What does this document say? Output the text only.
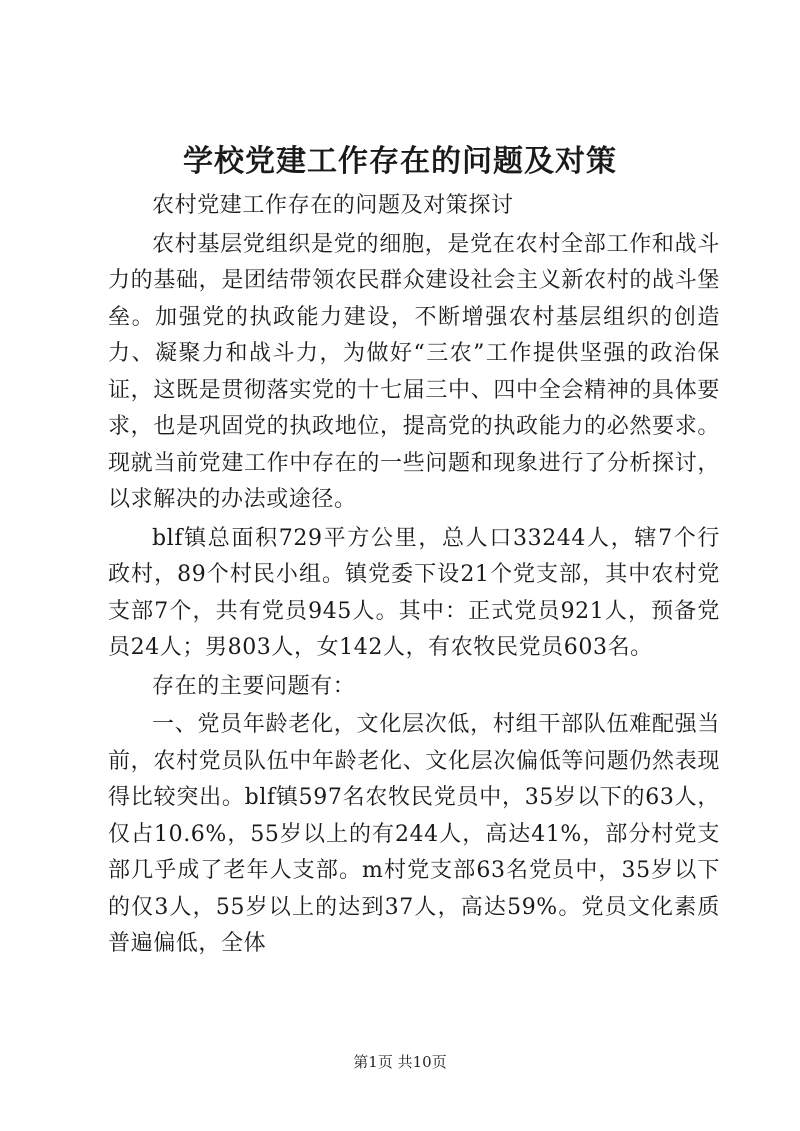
学校党建工作存在的问题及对策

农村党建工作存在的问题及对策探讨

农村基层党组织是党的细胞，是党在农村全部工作和战斗力的基础，是团结带领农民群众建设社会主义新农村的战斗堡垒。加强党的执政能力建设，不断增强农村基层组织的创造力、凝聚力和战斗力，为做好“三农”工作提供坚强的政治保证，这既是贯彻落实党的十七届三中、四中全会精神的具体要求，也是巩固党的执政地位，提高党的执政能力的必然要求。现就当前党建工作中存在的一些问题和现象进行了分析探讨，以求解决的办法或途径。

blf镇总面积729平方公里，总人口33244人，辖7个行政村，89个村民小组。镇党委下设21个党支部，其中农村党支部7个，共有党员945人。其中：正式党员921人，预备党员24人；男803人，女142人，有农牧民党员603名。

存在的主要问题有：

一、党员年龄老化，文化层次低，村组干部队伍难配强当前，农村党员队伍中年龄老化、文化层次偏低等问题仍然表现得比较突出。blf镇597名农牧民党员中，35岁以下的63人，仅占10.6%，55岁以上的有244人，高达41%，部分村党支部几乎成了老年人支部。m村党支部63名党员中，35岁以下的仅3人，55岁以上的达到37人，高达59%。党员文化素质普遍偏低，全体

第1页 共10页
